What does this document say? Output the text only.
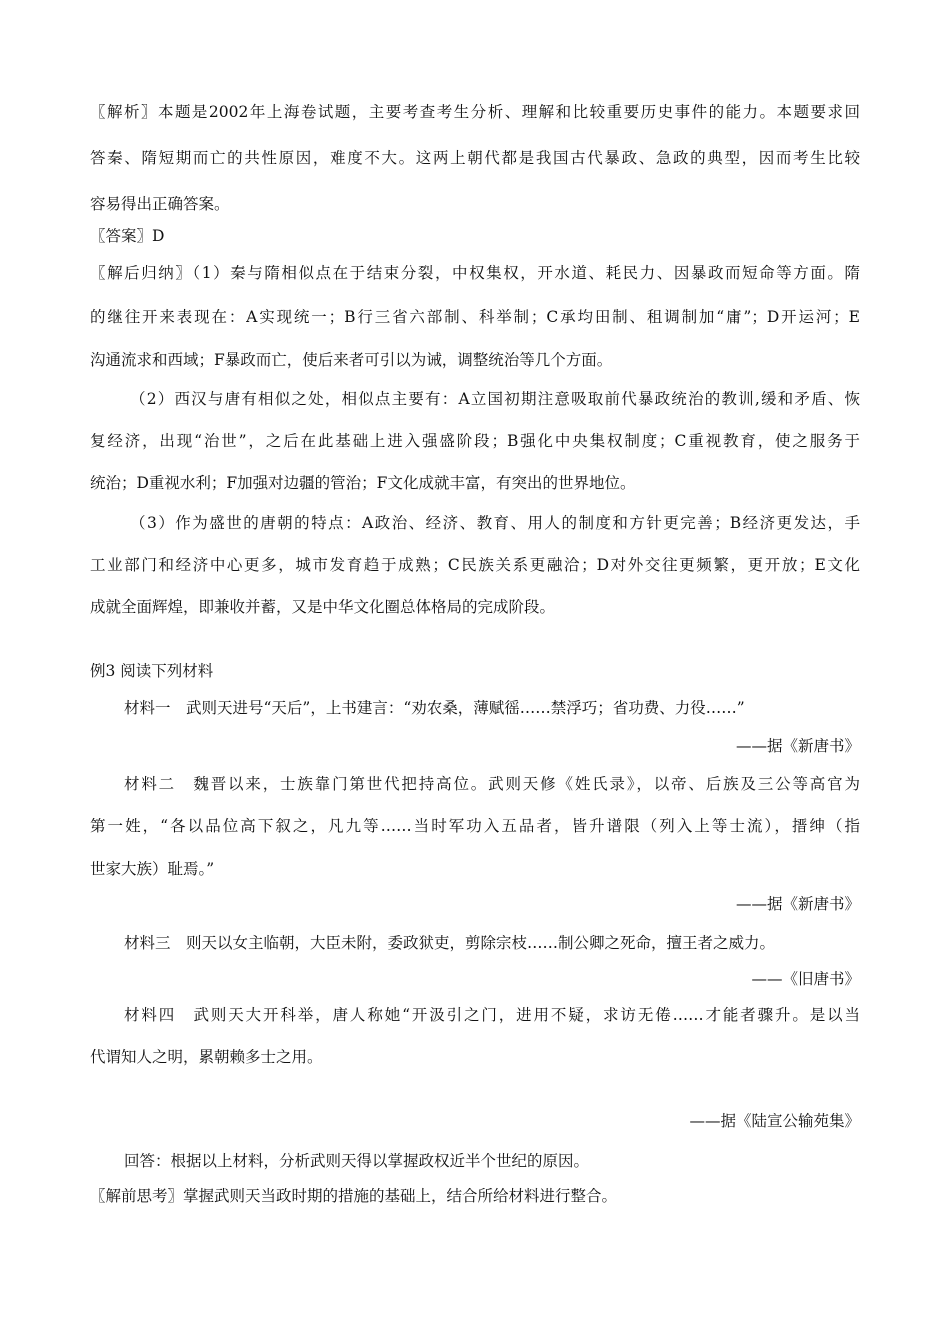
〖解析〗本题是2002年上海卷试题，主要考查考生分析、理解和比较重要历史事件的能力。本题要求回
答秦、隋短期而亡的共性原因，难度不大。这两上朝代都是我国古代暴政、急政的典型，因而考生比较
容易得出正确答案。
〖答案〗D
〖解后归纳〗（1）秦与隋相似点在于结束分裂，中权集权，开水道、耗民力、因暴政而短命等方面。隋
的继往开来表现在：A实现统一；B行三省六部制、科举制；C承均田制、租调制加“庸”；D开运河；E
沟通流求和西域；F暴政而亡，使后来者可引以为诫，调整统治等几个方面。
（2）西汉与唐有相似之处，相似点主要有：A立国初期注意吸取前代暴政统治的教训,缓和矛盾、恢
复经济，出现“治世”，之后在此基础上进入强盛阶段；B强化中央集权制度；C重视教育，使之服务于
统治；D重视水利；F加强对边疆的管治；F文化成就丰富，有突出的世界地位。
（3）作为盛世的唐朝的特点：A政治、经济、教育、用人的制度和方针更完善；B经济更发达，手
工业部门和经济中心更多，城市发育趋于成熟；C民族关系更融洽；D对外交往更频繁，更开放；E文化
成就全面辉煌，即兼收并蓄，又是中华文化圈总体格局的完成阶段。
例3 阅读下列材料
材料一　武则天进号“天后”，上书建言：“劝农桑，薄赋徭……禁浮巧；省功费、力役……”
——据《新唐书》
材料二　魏晋以来，士族靠门第世代把持高位。武则天修《姓氏录》，以帝、后族及三公等高官为
第一姓，“各以品位高下叙之，凡九等……当时军功入五品者，皆升谱限（列入上等士流），搢绅（指
世家大族）耻焉。”
——据《新唐书》
材料三　则天以女主临朝，大臣未附，委政狱吏，剪除宗枝……制公卿之死命，擅王者之威力。
——《旧唐书》
材料四　武则天大开科举，唐人称她“开汲引之门，进用不疑，求访无倦……才能者骤升。是以当
代谓知人之明，累朝赖多士之用。
——据《陆宣公输苑集》
回答：根据以上材料，分析武则天得以掌握政权近半个世纪的原因。
〖解前思考〗掌握武则天当政时期的措施的基础上，结合所给材料进行整合。
